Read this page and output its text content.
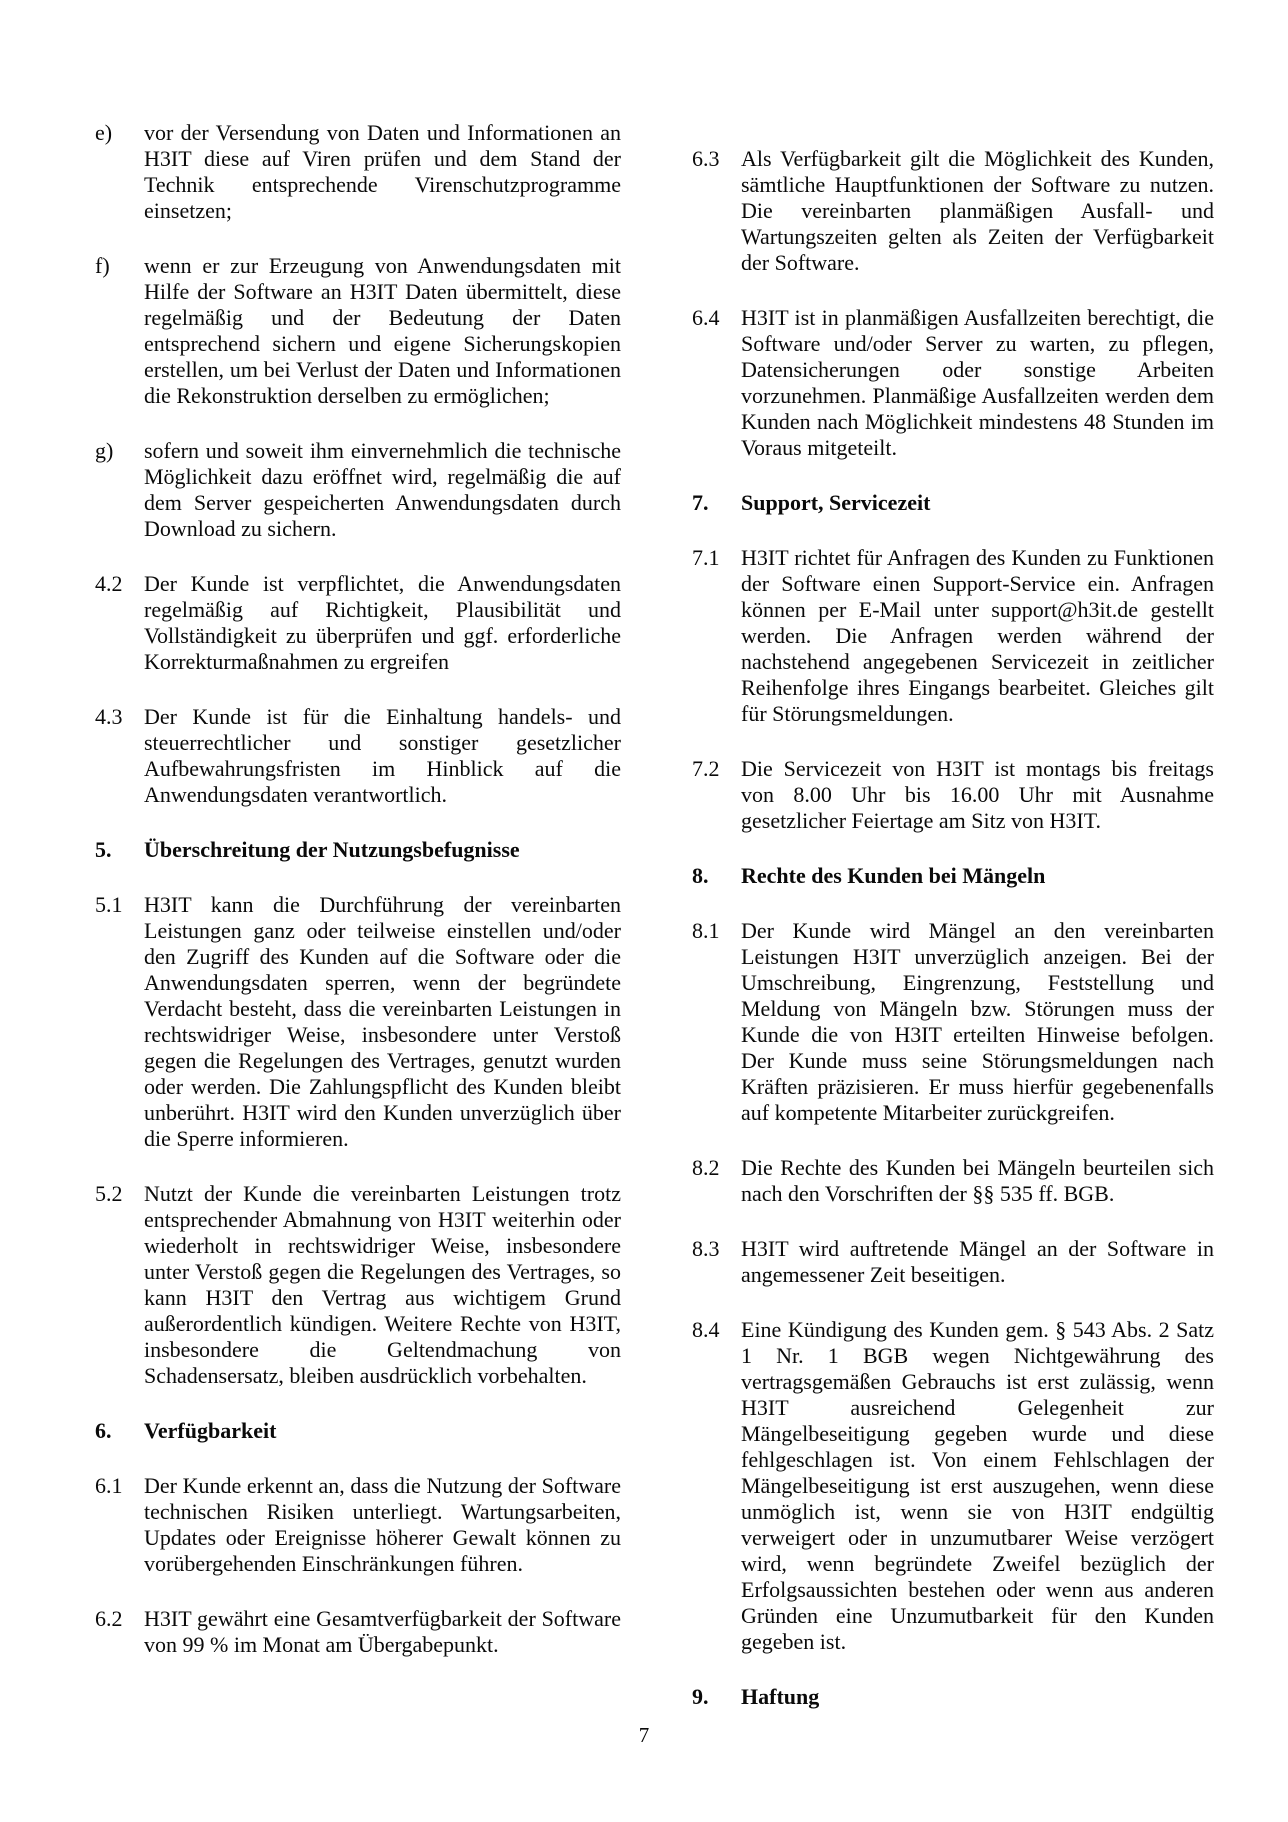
e)	vor der Versendung von Daten und Informationen an H3IT diese auf Viren prüfen und dem Stand der Technik entsprechende Virenschutzprogramme einsetzen;
f)	wenn er zur Erzeugung von Anwendungsdaten mit Hilfe der Software an H3IT Daten übermittelt, diese regelmäßig und der Bedeutung der Daten entsprechend sichern und eigene Sicherungskopien erstellen, um bei Verlust der Daten und Informationen die Rekonstruktion derselben zu ermöglichen;
g)	sofern und soweit ihm einvernehmlich die technische Möglichkeit dazu eröffnet wird, regelmäßig die auf dem Server gespeicherten Anwendungsdaten durch Download zu sichern.
4.2 Der Kunde ist verpflichtet, die Anwendungsdaten regelmäßig auf Richtigkeit, Plausibilität und Vollständigkeit zu überprüfen und ggf. erforderliche Korrekturmaßnahmen zu ergreifen
4.3 Der Kunde ist für die Einhaltung handels- und steuerrechtlicher und sonstiger gesetzlicher Aufbewahrungsfristen im Hinblick auf die Anwendungsdaten verantwortlich.
5.	Überschreitung der Nutzungsbefugnisse
5.1 H3IT kann die Durchführung der vereinbarten Leistungen ganz oder teilweise einstellen und/oder den Zugriff des Kunden auf die Software oder die Anwendungsdaten sperren, wenn der begründete Verdacht besteht, dass die vereinbarten Leistungen in rechtswidriger Weise, insbesondere unter Verstoß gegen die Regelungen des Vertrages, genutzt wurden oder werden. Die Zahlungspflicht des Kunden bleibt unberührt. H3IT wird den Kunden unverzüglich über die Sperre informieren.
5.2 Nutzt der Kunde die vereinbarten Leistungen trotz entsprechender Abmahnung von H3IT weiterhin oder wiederholt in rechtswidriger Weise, insbesondere unter Verstoß gegen die Regelungen des Vertrages, so kann H3IT den Vertrag aus wichtigem Grund außerordentlich kündigen. Weitere Rechte von H3IT, insbesondere die Geltendmachung von Schadensersatz, bleiben ausdrücklich vorbehalten.
6.	Verfügbarkeit
6.1 Der Kunde erkennt an, dass die Nutzung der Software technischen Risiken unterliegt. Wartungsarbeiten, Updates oder Ereignisse höherer Gewalt können zu vorübergehenden Einschränkungen führen.
6.2 H3IT gewährt eine Gesamtverfügbarkeit der Software von 99 % im Monat am Übergabepunkt.
6.3 Als Verfügbarkeit gilt die Möglichkeit des Kunden, sämtliche Hauptfunktionen der Software zu nutzen. Die vereinbarten planmäßigen Ausfall- und Wartungszeiten gelten als Zeiten der Verfügbarkeit der Software.
6.4 H3IT ist in planmäßigen Ausfallzeiten berechtigt, die Software und/oder Server zu warten, zu pflegen, Datensicherungen oder sonstige Arbeiten vorzunehmen. Planmäßige Ausfallzeiten werden dem Kunden nach Möglichkeit mindestens 48 Stunden im Voraus mitgeteilt.
7.	Support, Servicezeit
7.1 H3IT richtet für Anfragen des Kunden zu Funktionen der Software einen Support-Service ein. Anfragen können per E-Mail unter support@h3it.de gestellt werden. Die Anfragen werden während der nachstehend angegebenen Servicezeit in zeitlicher Reihenfolge ihres Eingangs bearbeitet. Gleiches gilt für Störungsmeldungen.
7.2 Die Servicezeit von H3IT ist montags bis freitags von 8.00 Uhr bis 16.00 Uhr mit Ausnahme gesetzlicher Feiertage am Sitz von H3IT.
8.	Rechte des Kunden bei Mängeln
8.1 Der Kunde wird Mängel an den vereinbarten Leistungen H3IT unverzüglich anzeigen. Bei der Umschreibung, Eingrenzung, Feststellung und Meldung von Mängeln bzw. Störungen muss der Kunde die von H3IT erteilten Hinweise befolgen. Der Kunde muss seine Störungsmeldungen nach Kräften präzisieren. Er muss hierfür gegebenenfalls auf kompetente Mitarbeiter zurückgreifen.
8.2 Die Rechte des Kunden bei Mängeln beurteilen sich nach den Vorschriften der §§ 535 ff. BGB.
8.3 H3IT wird auftretende Mängel an der Software in angemessener Zeit beseitigen.
8.4 Eine Kündigung des Kunden gem. § 543 Abs. 2 Satz 1 Nr. 1 BGB wegen Nichtgewährung des vertragsgemäßen Gebrauchs ist erst zulässig, wenn H3IT ausreichend Gelegenheit zur Mängelbeseitigung gegeben wurde und diese fehlgeschlagen ist. Von einem Fehlschlagen der Mängelbeseitigung ist erst auszugehen, wenn diese unmöglich ist, wenn sie von H3IT endgültig verweigert oder in unzumutbarer Weise verzögert wird, wenn begründete Zweifel bezüglich der Erfolgsaussichten bestehen oder wenn aus anderen Gründen eine Unzumutbarkeit für den Kunden gegeben ist.
9.	Haftung
7
